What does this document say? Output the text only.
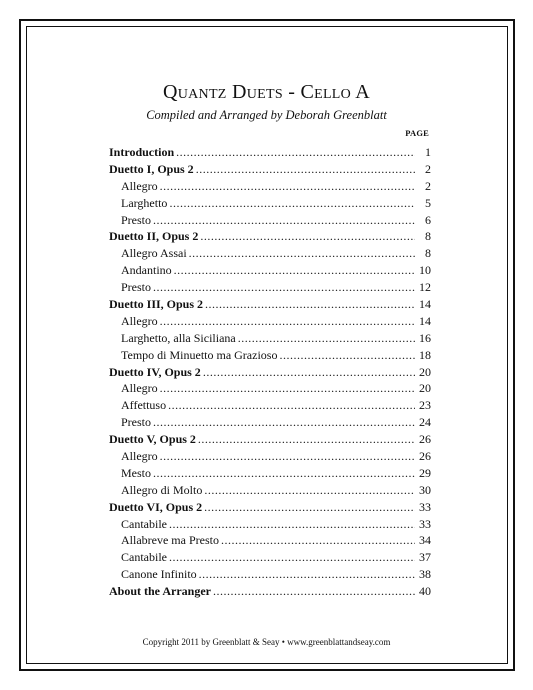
Quantz Duets - Cello A
Compiled and Arranged by Deborah Greenblatt
PAGE
Introduction .....	1
Duetto I, Opus 2 .....	2
Allegro .....	2
Larghetto .....	5
Presto .....	6
Duetto II, Opus 2 .....	8
Allegro Assai .....	8
Andantino .....	10
Presto .....	12
Duetto III, Opus 2 .....	14
Allegro .....	14
Larghetto, alla Siciliana .....	16
Tempo di Minuetto ma Grazioso .....	18
Duetto IV, Opus 2 .....	20
Allegro .....	20
Affettuso .....	23
Presto .....	24
Duetto V, Opus 2 .....	26
Allegro .....	26
Mesto .....	29
Allegro di Molto .....	30
Duetto VI, Opus 2 .....	33
Cantabile .....	33
Allabreve ma Presto .....	34
Cantabile .....	37
Canone Infinito .....	38
About the Arranger .....	40
Copyright 2011 by Greenblatt & Seay • www.greenblattandseay.com
